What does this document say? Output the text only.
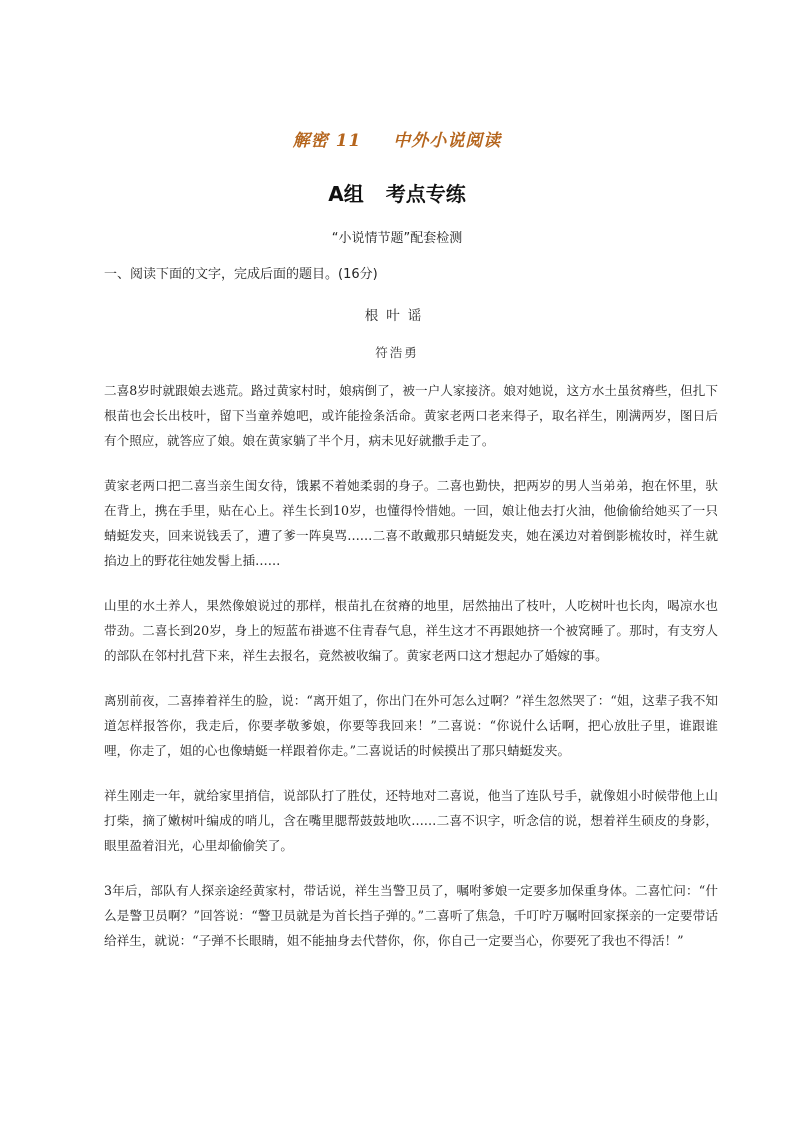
解密 11 中外小说阅读
A组 考点专练
“小说情节题”配套检测
一、阅读下面的文字，完成后面的题目。(16分)
根叶谣
符浩勇

二喜8岁时就跟娘去逃荒。路过黄家村时，娘病倒了，被一户人家接济。娘对她说，这方水土虽贫瘠些，但扎下根苗也会长出枝叶，留下当童养媳吧，或许能捡条活命。黄家老两口老来得子，取名祥生，刚满两岁，图日后有个照应，就答应了娘。娘在黄家躺了半个月，病未见好就撒手走了。

黄家老两口把二喜当亲生闺女待，饿累不着她柔弱的身子。二喜也勤快，把两岁的男人当弟弟，抱在怀里，驮在背上，携在手里，贴在心上。祥生长到10岁，也懂得怜惜她。一回，娘让他去打火油，他偷偷给她买了一只蜻蜓发夹，回来说钱丢了，遭了爹一阵臭骂……二喜不敢戴那只蜻蜓发夹，她在溪边对着倒影梳妆时，祥生就掐边上的野花往她发髻上插……

山里的水土养人，果然像娘说过的那样，根苗扎在贫瘠的地里，居然抽出了枝叶，人吃树叶也长肉，喝凉水也带劲。二喜长到20岁，身上的短蓝布褂遮不住青春气息，祥生这才不再跟她挤一个被窝睡了。那时，有支穷人的部队在邻村扎营下来，祥生去报名，竟然被收编了。黄家老两口这才想起办了婚嫁的事。

离别前夜，二喜捧着祥生的脸，说：“离开姐了，你出门在外可怎么过啊？”祥生忽然哭了：“姐，这辈子我不知道怎样报答你，我走后，你要孝敬爹娘，你要等我回来！”二喜说：“你说什么话啊，把心放肚子里，谁跟谁哩，你走了，姐的心也像蜻蜓一样跟着你走。”二喜说话的时候摸出了那只蜻蜓发夹。

祥生刚走一年，就给家里捎信，说部队打了胜仗，还特地对二喜说，他当了连队号手，就像姐小时候带他上山打柴，摘了嫩树叶编成的哨儿，含在嘴里腮帮鼓鼓地吹……二喜不识字，听念信的说，想着祥生硕皮的身影，眼里盈着泪光，心里却偷偷笑了。

3年后，部队有人探亲途经黄家村，带话说，祥生当警卫员了，嘱咐爹娘一定要多加保重身体。二喜忙问：“什么是警卫员啊？”回答说：“警卫员就是为首长挡子弹的。”二喜听了焦急，千叮咛万嘱咐回家探亲的一定要带话给祥生，就说：“子弹不长眼睛，姐不能抽身去代替你，你，你自己一定要当心，你要死了我也不得活！”
